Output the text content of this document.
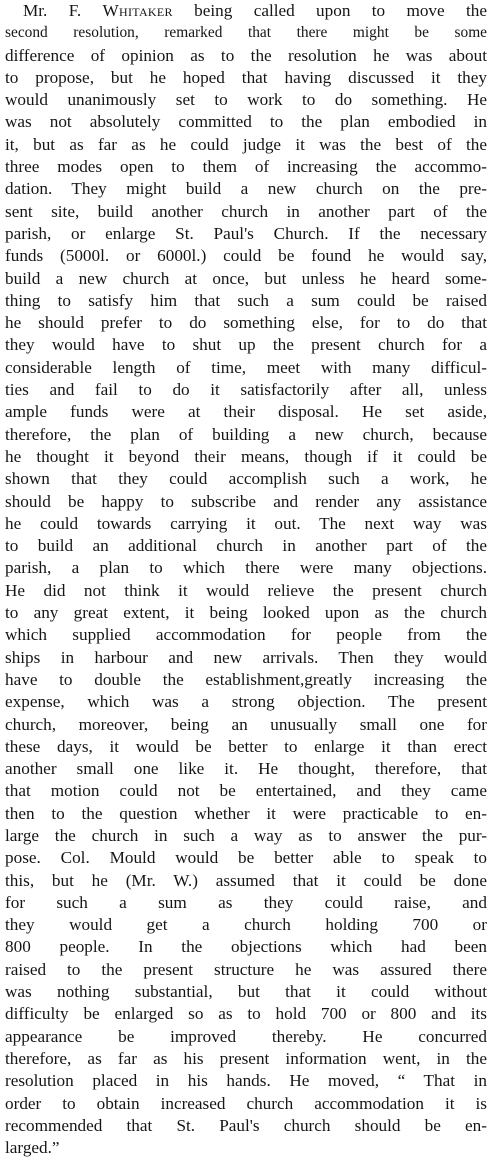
Mr. F. Whitaker being called upon to move the
second resolution, remarked that there might be some
difference of opinion as to the resolution he was about
to propose, but he hoped that having discussed it they
would unanimously set to work to do something. He
was not absolutely committed to the plan embodied in
it, but as far as he could judge it was the best of the
three modes open to them of increasing the accommo-
dation. They might build a new church on the pre-
sent site, build another church in another part of the
parish, or enlarge St. Paul's Church. If the necessary
funds (5000l. or 6000l.) could be found he would say,
build a new church at once, but unless he heard some-
thing to satisfy him that such a sum could be raised
he should prefer to do something else, for to do that
they would have to shut up the present church for a
considerable length of time, meet with many difficul-
ties and fail to do it satisfactorily after all, unless
ample funds were at their disposal. He set aside,
therefore, the plan of building a new church, because
he thought it beyond their means, though if it could be
shown that they could accomplish such a work, he
should be happy to subscribe and render any assistance
he could towards carrying it out. The next way was
to build an additional church in another part of the
parish, a plan to which there were many objections.
He did not think it would relieve the present church
to any great extent, it being looked upon as the church
which supplied accommodation for people from the
ships in harbour and new arrivals. Then they would
have to double the establishment,greatly increasing the
expense, which was a strong objection. The present
church, moreover, being an unusually small one for
these days, it would be better to enlarge it than erect
another small one like it. He thought, therefore, that
that motion could not be entertained, and they came
then to the question whether it were practicable to en-
large the church in such a way as to answer the pur-
pose. Col. Mould would be better able to speak to
this, but he (Mr. W.) assumed that it could be done
for such a sum as they could raise, and
they would get a church holding 700 or
800 people. In the objections which had been
raised to the present structure he was assured there
was nothing substantial, but that it could without
difficulty be enlarged so as to hold 700 or 800 and its
appearance be improved thereby. He concurred
therefore, as far as his present information went, in the
resolution placed in his hands. He moved, “ That in
order to obtain increased church accommodation it is
recommended that St. Paul's church should be en-
larged.”
